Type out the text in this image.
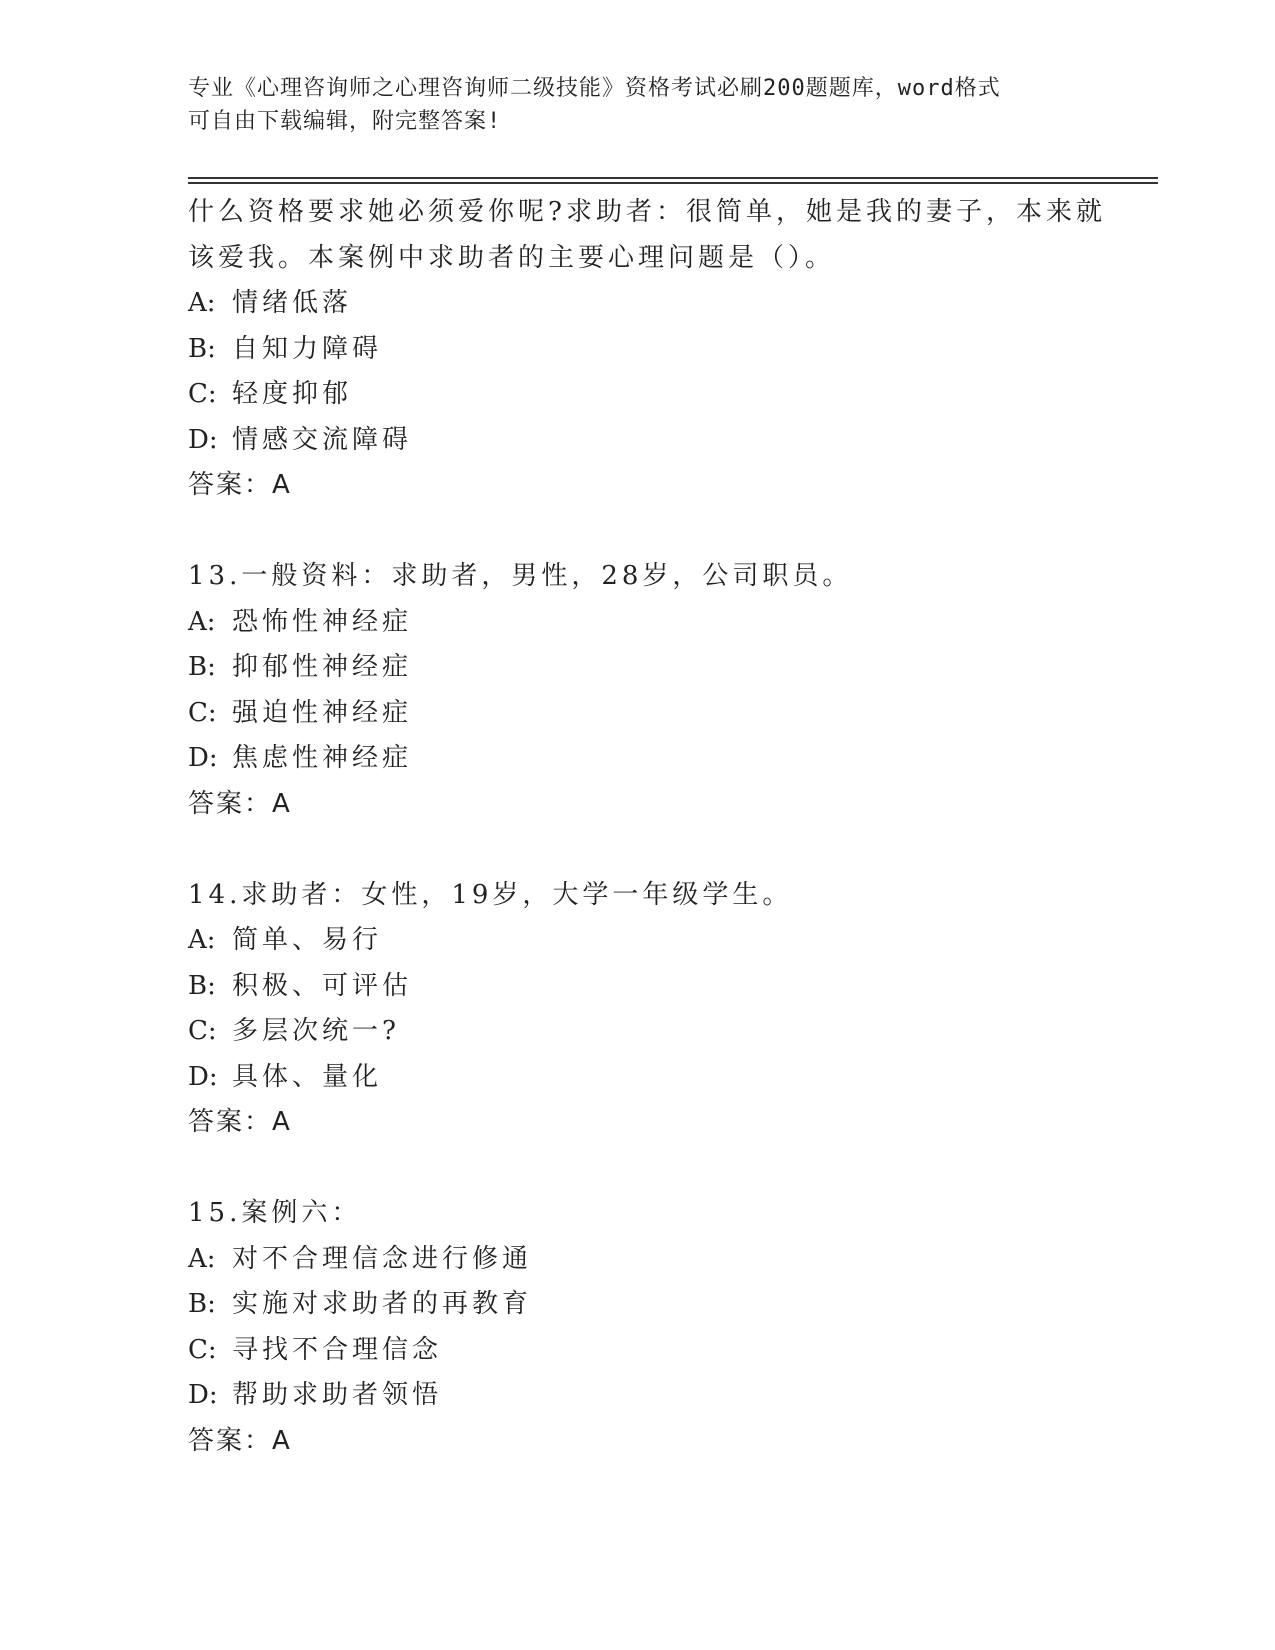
专业《心理咨询师之心理咨询师二级技能》资格考试必刷200题题库，word格式
可自由下载编辑，附完整答案!
什么资格要求她必须爱你呢?求助者：很简单，她是我的妻子，本来就
该爱我。本案例中求助者的主要心理问题是（）。
A: 情绪低落
B: 自知力障碍
C: 轻度抑郁
D: 情感交流障碍
答案：A
13.一般资料：求助者，男性，28岁，公司职员。
A: 恐怖性神经症
B: 抑郁性神经症
C: 强迫性神经症
D: 焦虑性神经症
答案：A
14.求助者：女性，19岁，大学一年级学生。
A: 简单、易行
B: 积极、可评估
C: 多层次统一?
D: 具体、量化
答案：A
15.案例六：
A: 对不合理信念进行修通
B: 实施对求助者的再教育
C: 寻找不合理信念
D: 帮助求助者领悟
答案：A
